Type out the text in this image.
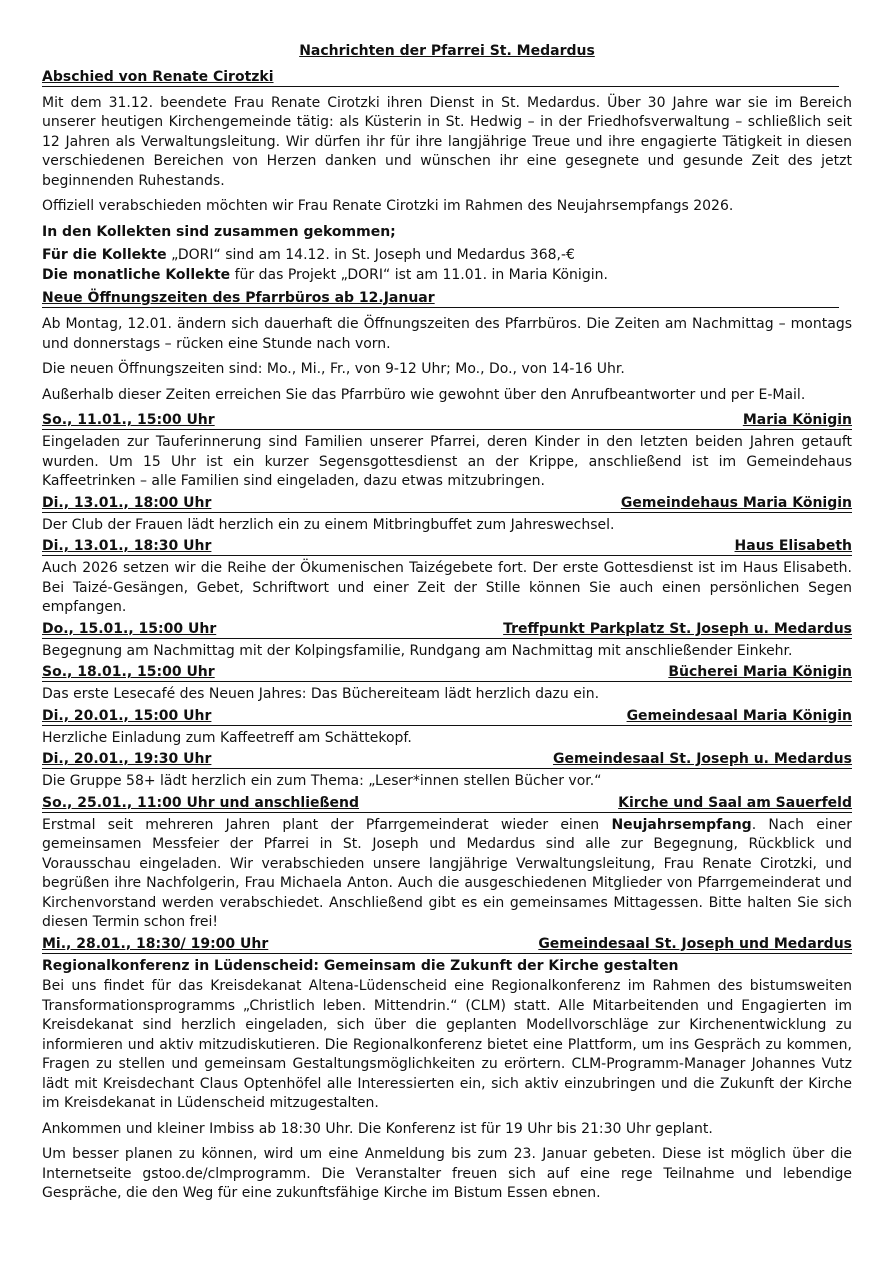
Nachrichten der Pfarrei St. Medardus
Abschied von Renate Cirotzki

Mit dem 31.12. beendete Frau Renate Cirotzki ihren Dienst in St. Medardus. Über 30 Jahre war sie im Bereich unserer heutigen Kirchengemeinde tätig: als Küsterin in St. Hedwig – in der Friedhofsverwaltung – schließlich seit 12 Jahren als Verwaltungsleitung. Wir dürfen ihr für ihre langjährige Treue und ihre engagierte Tätigkeit in diesen verschiedenen Bereichen von Herzen danken und wünschen ihr eine gesegnete und gesunde Zeit des jetzt beginnenden Ruhestands.

Offiziell verabschieden möchten wir Frau Renate Cirotzki im Rahmen des Neujahrsempfangs 2026.

In den Kollekten sind zusammen gekommen;
Für die Kollekte „DORI“ sind am 14.12. in St. Joseph und Medardus 368,-€
Die monatliche Kollekte für das Projekt „DORI“ ist am 11.01. in Maria Königin.
Neue Öffnungszeiten des Pfarrbüros ab 12.Januar

Ab Montag, 12.01. ändern sich dauerhaft die Öffnungszeiten des Pfarrbüros. Die Zeiten am Nachmittag – montags und donnerstags – rücken eine Stunde nach vorn.

Die neuen Öffnungszeiten sind: Mo., Mi., Fr., von 9-12 Uhr; Mo., Do., von 14-16 Uhr.

Außerhalb dieser Zeiten erreichen Sie das Pfarrbüro wie gewohnt über den Anrufbeantworter und per E-Mail.

So., 11.01., 15:00 Uhr	Maria Königin

Eingeladen zur Tauferinnerung sind Familien unserer Pfarrei, deren Kinder in den letzten beiden Jahren getauft wurden. Um 15 Uhr ist ein kurzer Segensgottesdienst an der Krippe, anschließend ist im Gemeindehaus Kaffeetrinken – alle Familien sind eingeladen, dazu etwas mitzubringen.

Di., 13.01., 18:00 Uhr	Gemeindehaus Maria Königin

Der Club der Frauen lädt herzlich ein zu einem Mitbringbuffet zum Jahreswechsel.

Di., 13.01., 18:30 Uhr	Haus Elisabeth

Auch 2026 setzen wir die Reihe der Ökumenischen Taizégebete fort. Der erste Gottesdienst ist im Haus Elisabeth. Bei Taizé-Gesängen, Gebet, Schriftwort und einer Zeit der Stille können Sie auch einen persönlichen Segen empfangen.

Do., 15.01., 15:00 Uhr	Treffpunkt Parkplatz St. Joseph u. Medardus

Begegnung am Nachmittag mit der Kolpingsfamilie, Rundgang am Nachmittag mit anschließender Einkehr.

So., 18.01., 15:00 Uhr	Bücherei Maria Königin

Das erste Lesecafé des Neuen Jahres: Das Büchereiteam lädt herzlich dazu ein.

Di., 20.01., 15:00 Uhr	Gemeindesaal Maria Königin

Herzliche Einladung zum Kaffeetreff am Schättekopf.

Di., 20.01., 19:30 Uhr	Gemeindesaal St. Joseph u. Medardus

Die Gruppe 58+ lädt herzlich ein zum Thema: „Leser*innen stellen Bücher vor.“

So., 25.01., 11:00 Uhr und anschließend	Kirche und Saal am Sauerfeld

Erstmal seit mehreren Jahren plant der Pfarrgemeinderat wieder einen Neujahrsempfang. Nach einer gemeinsamen Messfeier der Pfarrei in St. Joseph und Medardus sind alle zur Begegnung, Rückblick und Vorausschau eingeladen. Wir verabschieden unsere langjährige Verwaltungsleitung, Frau Renate Cirotzki, und begrüßen ihre Nachfolgerin, Frau Michaela Anton. Auch die ausgeschiedenen Mitglieder von Pfarrgemeinderat und Kirchenvorstand werden verabschiedet. Anschließend gibt es ein gemeinsames Mittagessen. Bitte halten Sie sich diesen Termin schon frei!

Mi., 28.01., 18:30/ 19:00 Uhr	Gemeindesaal St. Joseph und Medardus
Regionalkonferenz in Lüdenscheid: Gemeinsam die Zukunft der Kirche gestalten

Bei uns findet für das Kreisdekanat Altena-Lüdenscheid eine Regionalkonferenz im Rahmen des bistumsweiten Transformationsprogramms „Christlich leben. Mittendrin.“ (CLM) statt. Alle Mitarbeitenden und Engagierten im Kreisdekanat sind herzlich eingeladen, sich über die geplanten Modellvorschläge zur Kirchenentwicklung zu informieren und aktiv mitzudiskutieren. Die Regionalkonferenz bietet eine Plattform, um ins Gespräch zu kommen, Fragen zu stellen und gemeinsam Gestaltungsmöglichkeiten zu erörtern. CLM-Programm-Manager Johannes Vutz lädt mit Kreisdechant Claus Optenhöfel alle Interessierten ein, sich aktiv einzubringen und die Zukunft der Kirche im Kreisdekanat in Lüdenscheid mitzugestalten.

Ankommen und kleiner Imbiss ab 18:30 Uhr. Die Konferenz ist für 19 Uhr bis 21:30 Uhr geplant.

Um besser planen zu können, wird um eine Anmeldung bis zum 23. Januar gebeten. Diese ist möglich über die Internetseite gstoo.de/clmprogramm. Die Veranstalter freuen sich auf eine rege Teilnahme und lebendige Gespräche, die den Weg für eine zukunftsfähige Kirche im Bistum Essen ebnen.
